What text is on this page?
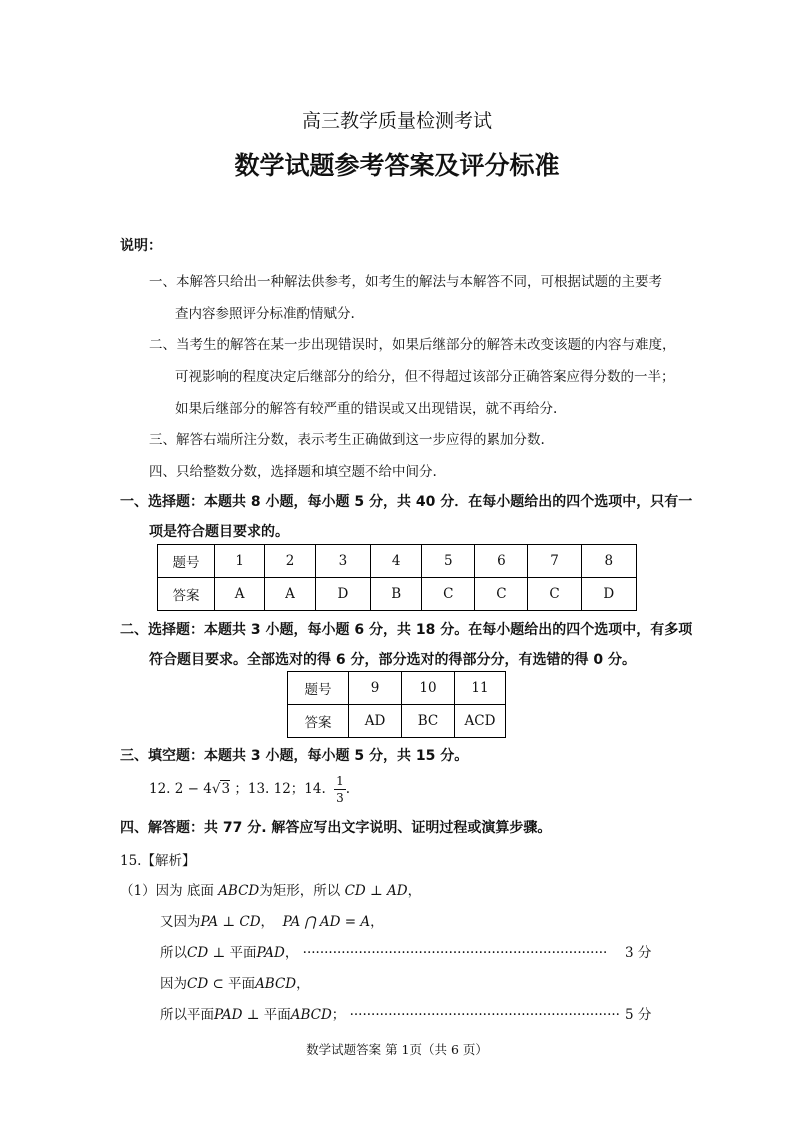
高三教学质量检测考试
数学试题参考答案及评分标准
说明：
一、本解答只给出一种解法供参考，如考生的解法与本解答不同，可根据试题的主要考
查内容参照评分标准酌情赋分.
二、当考生的解答在某一步出现错误时，如果后继部分的解答未改变该题的内容与难度，
可视影响的程度决定后继部分的给分，但不得超过该部分正确答案应得分数的一半；
如果后继部分的解答有较严重的错误或又出现错误，就不再给分.
三、解答右端所注分数，表示考生正确做到这一步应得的累加分数.
四、只给整数分数，选择题和填空题不给中间分.
一、选择题：本题共 8 小题，每小题 5 分，共 40 分．在每小题给出的四个选项中，只有一
项是符合题目要求的。
题号	1	2	3	4	5	6	7	8
答案	A	A	D	B	C	C	C	D
二、选择题：本题共 3 小题，每小题 6 分，共 18 分。在每小题给出的四个选项中，有多项
符合题目要求。全部选对的得 6 分，部分选对的得部分分，有选错的得 0 分。
题号	9	10	11
答案	AD	BC	ACD
三、填空题：本题共 3 小题，每小题 5 分，共 15 分。
12. 2 − 4√3 ；13. 12；14. $\frac{1}{3}$ .
四、解答题：共 77 分. 解答应写出文字说明、证明过程或演算步骤。
15.【解析】
（1）因为 底面 ABCD为矩形，所以 CD ⊥ AD，
又因为PA ⊥ CD， PA ⋂ AD = A，
所以CD ⊥ 平面PAD， ······································································· 3 分
因为CD ⊂ 平面ABCD，
所以平面PAD ⊥ 平面ABCD； ······························································· 5 分
数学试题答案 第 1页（共 6 页）
